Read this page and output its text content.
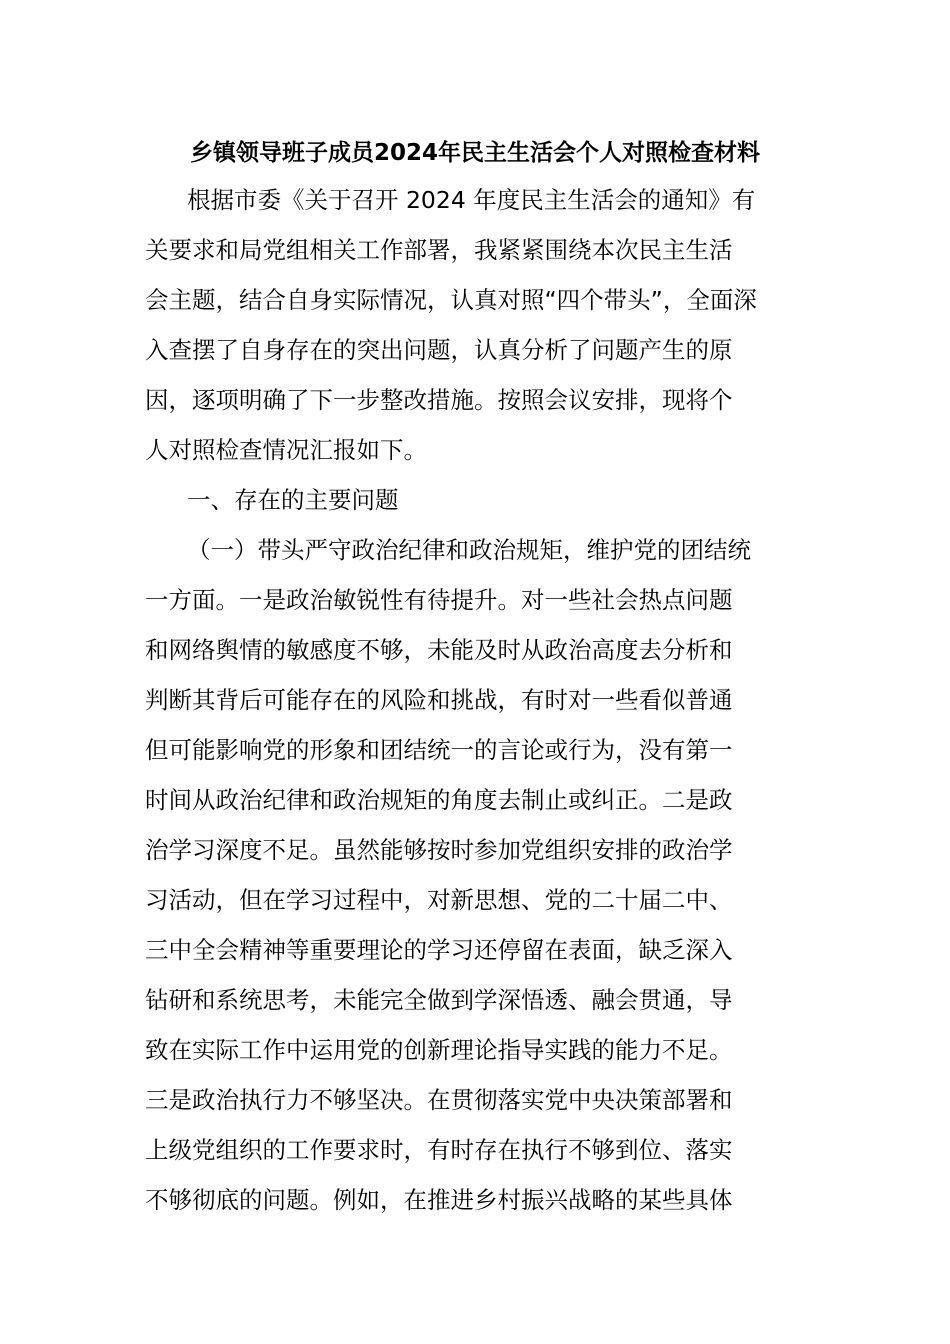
乡镇领导班子成员2024年民主生活会个人对照检查材料
根据市委《关于召开 2024 年度民主生活会的通知》有
关要求和局党组相关工作部署，我紧紧围绕本次民主生活
会主题，结合自身实际情况，认真对照“四个带头”，全面深
入查摆了自身存在的突出问题，认真分析了问题产生的原
因，逐项明确了下一步整改措施。按照会议安排，现将个
人对照检查情况汇报如下。
一、存在的主要问题
（一）带头严守政治纪律和政治规矩，维护党的团结统
一方面。一是政治敏锐性有待提升。对一些社会热点问题
和网络舆情的敏感度不够，未能及时从政治高度去分析和
判断其背后可能存在的风险和挑战，有时对一些看似普通
但可能影响党的形象和团结统一的言论或行为，没有第一
时间从政治纪律和政治规矩的角度去制止或纠正。二是政
治学习深度不足。虽然能够按时参加党组织安排的政治学
习活动，但在学习过程中，对新思想、党的二十届二中、
三中全会精神等重要理论的学习还停留在表面，缺乏深入
钻研和系统思考，未能完全做到学深悟透、融会贯通，导
致在实际工作中运用党的创新理论指导实践的能力不足。
三是政治执行力不够坚决。在贯彻落实党中央决策部署和
上级党组织的工作要求时，有时存在执行不够到位、落实
不够彻底的问题。例如，在推进乡村振兴战略的某些具体
